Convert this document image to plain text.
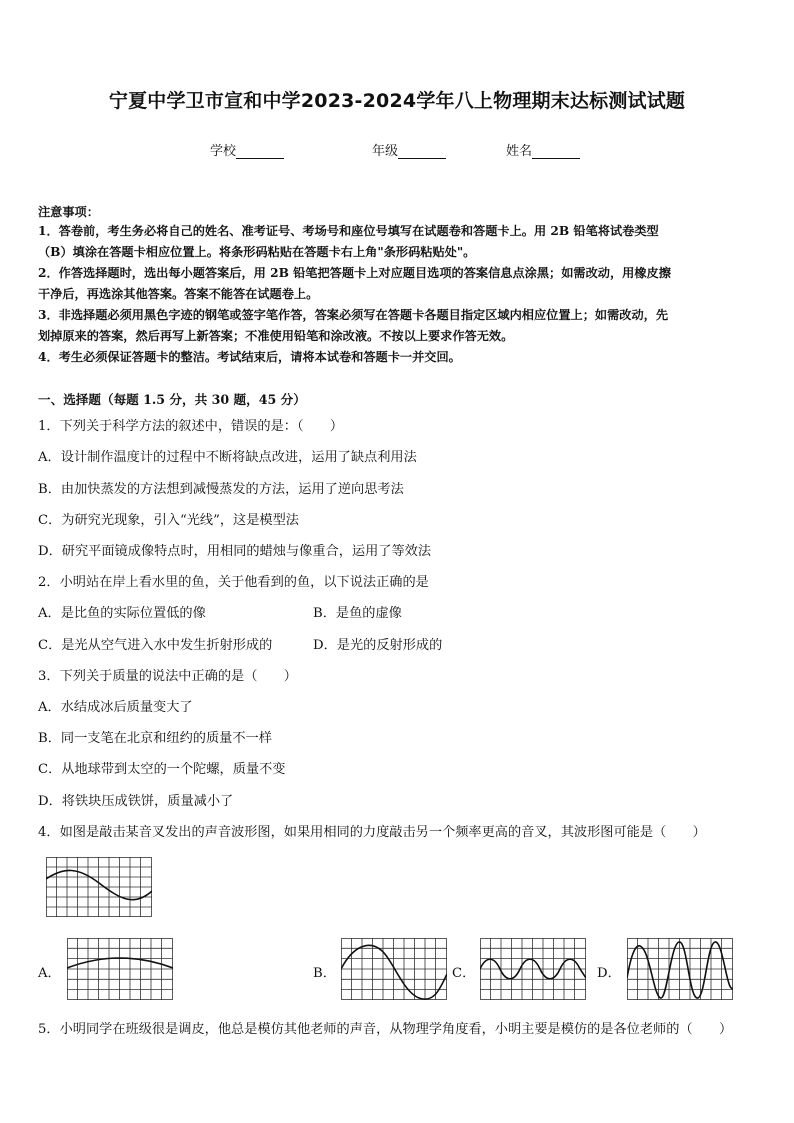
宁夏中学卫市宣和中学2023-2024学年八上物理期末达标测试试题
学校	年级	姓名
注意事项：
1．答卷前，考生务必将自己的姓名、准考证号、考场号和座位号填写在试题卷和答题卡上。用 2B 铅笔将试卷类型
（B）填涂在答题卡相应位置上。将条形码粘贴在答题卡右上角"条形码粘贴处"。
2．作答选择题时，选出每小题答案后，用 2B 铅笔把答题卡上对应题目选项的答案信息点涂黑；如需改动，用橡皮擦
干净后，再选涂其他答案。答案不能答在试题卷上。
3．非选择题必须用黑色字迹的钢笔或签字笔作答，答案必须写在答题卡各题目指定区域内相应位置上；如需改动，先
划掉原来的答案，然后再写上新答案；不准使用铅笔和涂改液。不按以上要求作答无效。
4．考生必须保证答题卡的整洁。考试结束后，请将本试卷和答题卡一并交回。
一、选择题（每题 1.5 分，共 30 题，45 分）
1．下列关于科学方法的叙述中，错误的是：（　　）
A．设计制作温度计的过程中不断将缺点改进，运用了缺点利用法
B．由加快蒸发的方法想到减慢蒸发的方法，运用了逆向思考法
C．为研究光现象，引入“光线”，这是模型法
D．研究平面镜成像特点时，用相同的蜡烛与像重合，运用了等效法
2．小明站在岸上看水里的鱼，关于他看到的鱼，以下说法正确的是
A．是比鱼的实际位置低的像	B．是鱼的虚像
C．是光从空气进入水中发生折射形成的	D．是光的反射形成的
3．下列关于质量的说法中正确的是（　　）
A．水结成冰后质量变大了
B．同一支笔在北京和纽约的质量不一样
C．从地球带到太空的一个陀螺，质量不变
D．将铁块压成铁饼，质量减小了
4．如图是敲击某音叉发出的声音波形图，如果用相同的力度敲击另一个频率更高的音叉，其波形图可能是（　　）
A．	B．	C．	D．
5．小明同学在班级很是调皮，他总是模仿其他老师的声音，从物理学角度看，小明主要是模仿的是各位老师的（　　）
